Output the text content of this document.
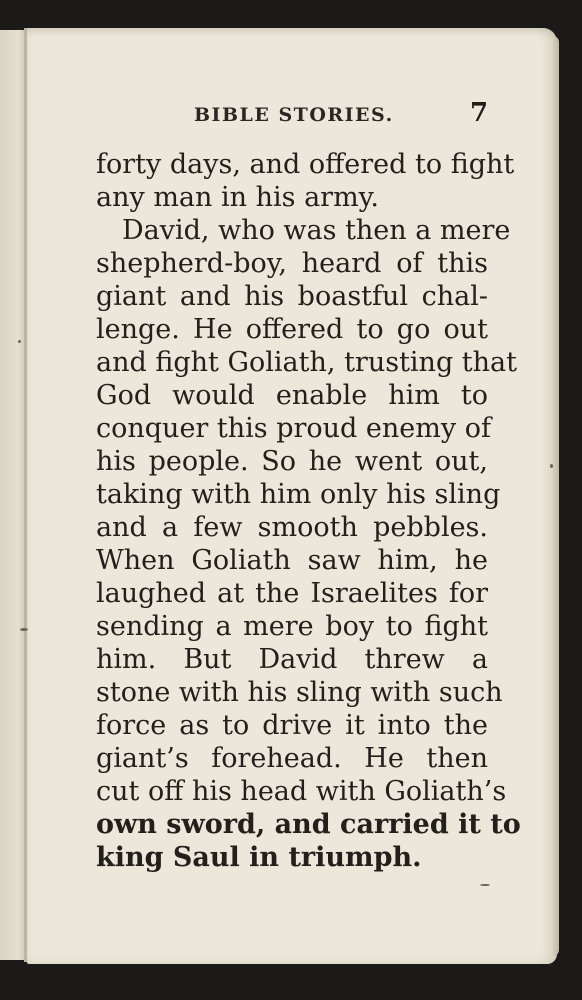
BIBLE STORIES.	7
forty days, and offered to fight
any man in his army.
David, who was then a mere
shepherd-boy, heard of this
giant and his boastful chal-
lenge. He offered to go out
and fight Goliath, trusting that
God would enable him to
conquer this proud enemy of
his people. So he went out,
taking with him only his sling
and a few smooth pebbles.
When Goliath saw him, he
laughed at the Israelites for
sending a mere boy to fight
him. But David threw a
stone with his sling with such
force as to drive it into the
giant’s forehead. He then
cut off his head with Goliath’s
own sword, and carried it to
king Saul in triumph.
